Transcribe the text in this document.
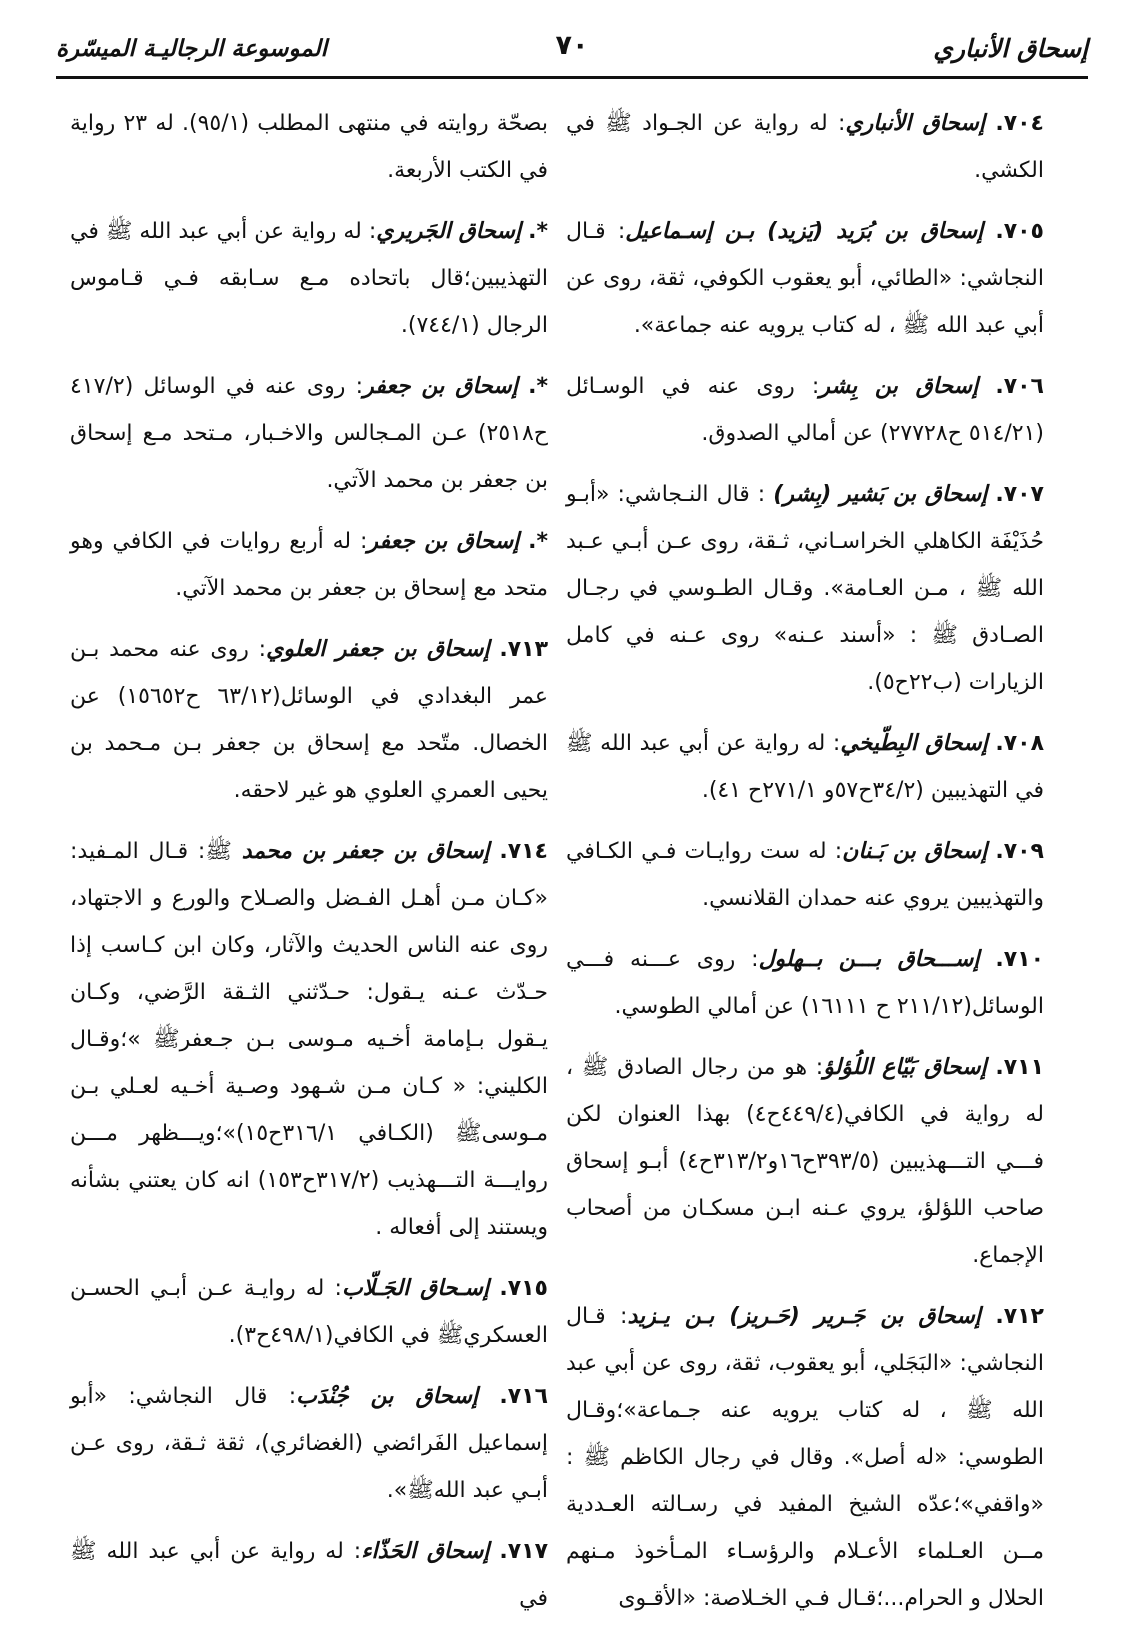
إسحاق الأنباري
٧٠
الموسوعة الرجاليـة الميسّرة

٧٠٤. إسحاق الأنباري: له رواية عن الجـواد ﷺ في الكشي.

٧٠٥. إسحاق بن بُرَيد (يَزيد) بـن إسـماعيل: قـال النجاشي: «الطائي، أبو يعقوب الكوفي، ثقة، روى عن أبي عبد الله ﷺ ، له كتاب يرويه عنه جماعة».

٧٠٦. إسحاق بن بِشر: روى عنه في الوسـائل (٥١٤/٢١ ح٢٧٧٢٨) عن أمالي الصدوق.

٧٠٧. إسحاق بن بَشير (بِشر) : قال النـجاشي: «أبـو حُذَيْفَة الكاهلي الخراسـاني، ثـقة، روى عـن أبـي عـبد الله ﷺ ، مـن العـامة». وقـال الطـوسي في رجـال الصـادق ﷺ : «أسند عـنه» روى عـنه في كامل الزيارات (ب٢٢ح٥).

٧٠٨. إسحاق البِطّيخي: له رواية عن أبي عبد الله ﷺ في التهذيبين (٣٤/٢ح٥٧و ٢٧١/١ح ٤١).

٧٠٩. إسحاق بن بَـنان: له ست روايـات فـي الكـافي والتهذيبين يروي عنه حمدان القلانسي.

٧١٠. إســـحاق بـــن بــهلول: روى عـــنه فـــي الوسائل(٢١١/١٢ ح ١٦١١١) عن أمالي الطوسي.

٧١١. إسحاق بَيّاع اللُؤلؤ: هو من رجال الصادق ﷺ ، له رواية في الكافي(٤٤٩/٤ح٤) بهذا العنوان لكن فـــي التـــهذيبين (٣٩٣/٥ح١٦و٣١٣/٢ح٤) أبـو إسحاق صاحب اللؤلؤ، يروي عـنه ابـن مسكـان من أصحاب الإجماع.

٧١٢. إسحاق بن جَـرير (حَـريز) بـن يـزيد: قـال النجاشي: «البَجَلي، أبو يعقوب، ثقة، روى عن أبي عبد الله ﷺ ، له كتاب يرويه عنه جـماعة»؛وقـال الطوسي: «له أصل». وقال في رجال الكاظم ﷺ : «واقفي»؛عدّه الشيخ المفيد في رسـالته العـددية مــن العـلماء الأعـلام والرؤسـاء المـأخوذ مـنهم الحلال و الحرام...؛قـال فـي الخـلاصة: «الأقـوى

بصحّة روايته في منتهى المطلب (٩٥/١). له ٢٣ رواية في الكتب الأربعة.

*. إسحاق الجَريري: له رواية عن أبي عبد الله ﷺ في التهذيبين؛قال باتحاده مـع سـابقه فـي قـاموس الرجال (٧٤٤/١).

*. إسحاق بن جعفر: روى عنه في الوسائل (٤١٧/٢ ح٢٥١٨) عـن المـجالس والاخـبار، مـتحد مـع إسحاق بن جعفر بن محمد الآتي.

*. إسحاق بن جعفر: له أربع روايات في الكافي وهو متحد مع إسحاق بن جعفر بن محمد الآتي.

٧١٣. إسحاق بن جعفر العلوي: روى عنه محمد بـن عمر البغدادي في الوسائل(٦٣/١٢ ح١٥٦٥٢) عن الخصال. متّحد مع إسحاق بن جعفر بـن مـحمد بن يحيى العمري العلوي هو غير لاحقه.

٧١٤. إسحاق بن جعفر بن محمد ﷺ: قـال المـفيد: «كـان مـن أهـل الفـضل والصـلاح والورع و الاجتهاد، روى عنه الناس الحديث والآثار، وكان ابن كـاسب إذا حـدّث عـنه يـقول: حـدّثني الثـقة الرَّضي، وكـان يـقول بـإمامة أخـيه مـوسى بـن جـعفرﷺ »؛وقـال الكليني: « كـان مـن شـهود وصـية أخـيه لعـلي بـن مـوسىﷺ (الكـافي ٣١٦/١ح١٥)»؛ويـــظهر مـــن روايـــة التـــهذيب (٣١٧/٢ح١٥٣) انه كان يعتني بشأنه ويستند إلى أفعاله .

٧١٥. إسـحاق الجَـلّاب: له روايـة عـن أبـي الحسـن العسكريﷺ في الكافي(٤٩٨/١ح٣).

٧١٦. إسحاق بن جُنْدَب: قال النجاشي: «أبو إسماعيل الفَرائضي (الغضائري)، ثقة ثـقة، روى عـن أبـي عبد اللهﷺ».

٧١٧. إسحاق الحَذّاء: له رواية عن أبي عبد الله ﷺ في
